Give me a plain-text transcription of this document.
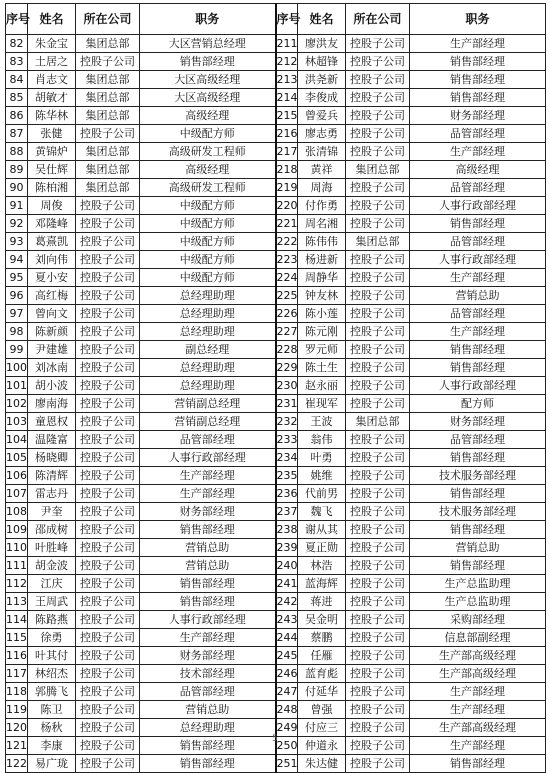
序号	姓名	所在公司	职务	序号	姓名	所在公司	职务
82	朱金宝	集团总部	大区营销总经理	211	廖洪友	控股子公司	生产部经理
83	土居之	控股子公司	销售部经理	212	林超锋	控股子公司	销售部经理
84	肖志文	集团总部	大区高级经理	213	洪尧新	控股子公司	销售部经理
85	胡敏才	集团总部	大区高级经理	214	李俊成	控股子公司	销售部经理
86	陈华林	集团总部	高级经理	215	曾爱兵	控股子公司	财务部经理
87	张健	控股子公司	中级配方师	216	廖志勇	控股子公司	品管部经理
88	黄锦炉	集团总部	高级研发工程师	217	张清锦	控股子公司	生产部经理
89	吴仕辉	集团总部	高级经理	218	黄祥	集团总部	高级经理
90	陈柏湘	集团总部	高级研发工程师	219	周海	控股子公司	品管部经理
91	周俊	控股子公司	中级配方师	220	付作勇	控股子公司	人事行政部经理
92	邓隆峰	控股子公司	中级配方师	221	周名湘	控股子公司	销售部经理
93	葛熹凯	控股子公司	中级配方师	222	陈伟伟	集团总部	品管部经理
94	刘向伟	控股子公司	中级配方师	223	杨进新	控股子公司	人事行政部经理
95	夏小安	控股子公司	中级配方师	224	周静华	控股子公司	生产部经理
96	高红梅	控股子公司	总经理助理	225	钟友林	控股子公司	营销总助
97	曾向文	控股子公司	总经理助理	226	陈小莲	控股子公司	品管部经理
98	陈新颜	控股子公司	总经理助理	227	陈元刚	控股子公司	生产部经理
99	尹建雄	控股子公司	副总经理	228	罗元师	控股子公司	销售部经理
100	刘冰南	控股子公司	总经理助理	229	陈土生	控股子公司	销售部经理
101	胡小波	控股子公司	总经理助理	230	赵永丽	控股子公司	人事行政部经理
102	廖南海	控股子公司	营销副总经理	231	崔现军	控股子公司	配方师
103	童恩权	控股子公司	营销副总经理	232	王波	集团总部	财务部经理
104	温隆富	控股子公司	品管部经理	233	翁伟	控股子公司	品管部经理
105	杨晓卿	控股子公司	人事行政部经理	234	叶勇	控股子公司	销售部经理
106	陈清辉	控股子公司	生产部经理	235	姚维	控股子公司	技术服务部经理
107	雷志丹	控股子公司	生产部经理	236	代前男	控股子公司	销售部经理
108	尹奎	控股子公司	财务部经理	237	魏飞	控股子公司	技术服务部经理
109	邵成树	控股子公司	销售部经理	238	谢从其	控股子公司	销售部经理
110	叶胜峰	控股子公司	营销总助	239	夏正勋	控股子公司	营销总助
111	胡金波	控股子公司	营销总助	240	林浩	控股子公司	销售部经理
112	江庆	控股子公司	销售部经理	241	蓝海辉	控股子公司	生产总监助理
113	王周武	控股子公司	销售部经理	242	蒋进	控股子公司	生产总监助理
114	陈路燕	控股子公司	人事行政部经理	243	吴金明	控股子公司	采购部经理
115	徐勇	控股子公司	生产部经理	244	蔡鹏	控股子公司	信息部副经理
116	叶其付	控股子公司	财务部经理	245	任雁	控股子公司	生产部高级经理
117	林绍杰	控股子公司	技术部经理	246	蓝育彪	控股子公司	生产部高级经理
118	郭腾飞	控股子公司	品管部经理	247	付延华	控股子公司	生产部经理
119	陈卫	控股子公司	营销总助	248	曾强	控股子公司	生产部经理
120	杨秋	控股子公司	总经理助理	249	付应三	控股子公司	生产部高级经理
121	李康	控股子公司	销售部经理	250	仲道永	控股子公司	生产部经理
122	易广珑	控股子公司	销售部经理	251	朱达健	控股子公司	销售部经理
5
